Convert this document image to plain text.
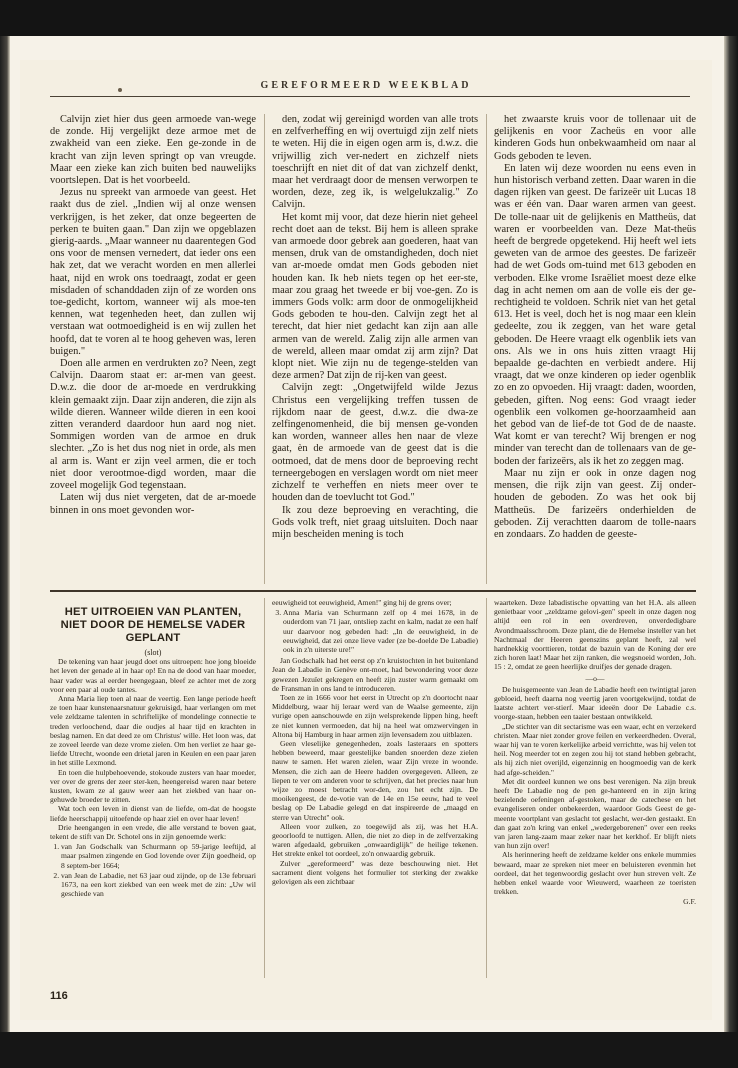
GEREFORMEERD WEEKBLAD

Calvijn ziet hier dus geen armoede van-wege de zonde. Hij vergelijkt deze armoe met de zwakheid van een zieke. Een ge-zonde in de kracht van zijn leven springt op van vreugde. Maar een zieke kan zich buiten bed nauwelijks voortslepen. Dat is het voorbeeld.

Jezus nu spreekt van armoede van geest. Het raakt dus de ziel. „Indien wij al onze wensen verkrijgen, is het zeker, dat onze begeerten de perken te buiten gaan." Dan zijn we opgeblazen gierig-aards. „Maar wanneer nu daarentegen God ons voor de mensen vernedert, dat ieder ons een hak zet, dat we veracht worden en men allerlei haat, nijd en wrok ons toedraagt, zodat er geen misdaden of schanddaden zijn of ze worden ons toe-gedicht, kortom, wanneer wij als moe-ten kennen, wat tegenheden heet, dan zullen wij verstaan wat ootmoedigheid is en wij zullen het hoofd, dat te voren al te hoog geheven was, leren buigen."

Doen alle armen en verdrukten zo? Neen, zegt Calvijn. Daarom staat er: ar-men van geest. D.w.z. die door de ar-moede en verdrukking klein gemaakt zijn. Daar zijn anderen, die zijn als wilde dieren. Wanneer wilde dieren in een kooi zitten veranderd daardoor hun aard nog niet. Sommigen worden van de armoe en druk slechter. „Zo is het dus nog niet in orde, als men al arm is. Want er zijn veel armen, die er toch niet door verootmoe-digd worden, maar die zoveel mogelijk God tegenstaan.

Laten wij dus niet vergeten, dat de ar-moede binnen in ons moet gevonden wor-

den, zodat wij gereinigd worden van alle trots en zelfverheffing en wij overtuigd zijn zelf niets te weten. Hij die in eigen ogen arm is, d.w.z. die vrijwillig zich ver-nedert en zichzelf niets toeschrijft en niet dit of dat van zichzelf denkt, maar het verdraagt door de mensen verworpen te worden, deze, zeg ik, is welgelukzalig." Zo Calvijn.

Het komt mij voor, dat deze hierin niet geheel recht doet aan de tekst. Bij hem is alleen sprake van armoede door gebrek aan goederen, haat van mensen, druk van de omstandigheden, doch niet van ar-moede omdat men Gods geboden niet houden kan. Ik heb niets tegen op het eer-ste, maar zou graag het tweede er bij voe-gen. Zo is immers Gods volk: arm door de onmogelijkheid Gods geboden te hou-den. Calvijn zegt het al terecht, dat hier niet gedacht kan zijn aan alle armen van de wereld. Zalig zijn alle armen van de wereld, alleen maar omdat zij arm zijn? Dat klopt niet. Wie zijn nu de tegenge-stelden van deze armen? Dat zijn de rij-ken van geest.

Calvijn zegt: „Ongetwijfeld wilde Jezus Christus een vergelijking treffen tussen de rijkdom naar de geest, d.w.z. die dwa-ze zelfingenomenheid, die bij mensen ge-vonden kan worden, wanneer alles hen naar de vleze gaat, èn de armoede van de geest dat is die ootmoed, dat de mens door de beproeving recht terneergebogen en verslagen wordt om niet meer zichzelf te verheffen en niets meer over te houden dan de toevlucht tot God."

Ik zou deze beproeving en verachting, die Gods volk treft, niet graag uitsluiten. Doch naar mijn bescheiden mening is toch

het zwaarste kruis voor de tollenaar uit de gelijkenis en voor Zacheüs en voor alle kinderen Gods hun onbekwaamheid om naar al Gods geboden te leven.

En laten wij deze woorden nu eens even in hun historisch verband zetten. Daar waren in die dagen rijken van geest. De farizeër uit Lucas 18 was er één van. Daar waren armen van geest. De tolle-naar uit de gelijkenis en Mattheüs, dat waren er voorbeelden van. Deze Mat-theüs heeft de bergrede opgetekend. Hij heeft wel iets geweten van de armoe des geestes. De farizeër had de wet Gods om-tuind met 613 geboden en verboden. Elke vrome Israëliet moest deze elke dag in acht nemen om aan de volle eis der ge-rechtigheid te voldoen. Schrik niet van het getal 613. Het is veel, doch het is nog maar een klein gedeelte, zou ik zeggen, van het ware getal geboden. De Heere vraagt elk ogenblik iets van ons. Als we in ons huis zitten vraagt Hij bepaalde ge-dachten en verbiedt andere. Hij vraagt, dat we onze kinderen op ieder ogenblik zo en zo opvoeden. Hij vraagt: daden, woorden, gebeden, giften. Nog eens: God vraagt ieder ogenblik een volkomen ge-hoorzaamheid aan het gebod van de lief-de tot God de de naaste. Wat komt er van terecht? Wij brengen er nog minder van terecht dan de tollenaars van de ge-boden der farizeërs, als ik het zo zeggen mag.

Maar nu zijn er ook in onze dagen nog mensen, die rijk zijn van geest. Zij onder-houden de geboden. Zo was het ook bij Mattheüs. De farizeërs onderhielden de geboden. Zij verachtten daarom de tolle-naars en zondaars. Zo hadden de geeste-

HET UITROEIEN VAN PLANTEN, NIET DOOR DE HEMELSE VADER GEPLANT

(slot)

De tekening van haar jeugd doet ons uitroepen: hoe jong bloeide het leven der genade al in haar op! En na de dood van haar moeder, haar vader was al eerder heengegaan, bleef ze achter met de zorg voor een paar al oude tantes.

Anna Maria liep toen al naar de veertig. Een lange periode heeft ze toen haar kunstenaarsnatuur gekruisigd, haar verlangen om met vele zeldzame talenten in schriftelijke of mondelinge connectie te treden verloochend, daar die oudjes al haar tijd en krachten in beslag namen. En dat deed ze om Christus' wille. Het loon was, dat ze zoveel leerde van deze vrome zielen. Om hen verliet ze haar ge-liefde Utrecht, woonde een drietal jaren in Keulen en een paar jaren in het stille Lexmond.

En toen die hulpbehoevende, stokoude zusters van haar moeder, ver over de grens der zeer ster-ken, heengereisd waren naar betere kusten, kwam ze al gauw weer aan het ziekbed van haar on-gehuwde broeder te zitten.

Wat toch een leven in dienst van de liefde, om-dat de hoogste liefde heerschappij uitoefende op haar ziel en over haar leven!

Drie heengangen in een vrede, die alle verstand te boven gaat, tekent de stift van Dr. Schotel ons in zijn genoemde werk:

1. van Jan Godschalk van Schurmann op 59-jarige leeftijd, al maar psalmen zingende en God lovende over Zijn goedheid, op 8 septem-ber 1664;
2. van Jean de Labadie, net 63 jaar oud zijnde, op de 13e februari 1673, na een kort ziekbed van een week met de zin: „Uw wil geschiede van

eeuwigheid tot eeuwigheid, Amen!" ging hij de grens over;

3. Anna Maria van Schurmann zelf op 4 mei 1678, in de ouderdom van 71 jaar, ontsliep zacht en kalm, nadat ze een half uur daarvoor nog gebeden had: „In de eeuwigheid, in de eeuwigheid, dat zei onze lieve vader (ze be-doelde De Labadie) ook in z'n uiterste ure!"

Jan Godschalk had het eerst op z'n kruistochten in het buitenland Jean de Labadie in Genève ont-moet, had bewondering voor deze gewezen Jezuïet gekregen en heeft zijn zuster warm gemaakt om de Fransman in ons land te introduceren.

Toen ze in 1666 voor het eerst in Utrecht op z'n doortocht naar Middelburg, waar hij leraar werd van de Waalse gemeente, zijn vurige open aanschouwde en zijn welsprekende lippen hing, heeft ze niet kunnen vermoeden, dat hij na heel wat omzwervingen in Altona bij Hamburg in haar armen zijn levensadem zou uitblazen.

Geen vleselijke genegenheden, zoals lasteraars en spotters hebben beweerd, maar geestelijke banden snoerden deze zielen nauw te samen. Het waren zielen, waar Zijn vreze in woonde. Mensen, die zich aan de Heere hadden overgegeven. Alleen, ze liepen te ver om anderen voor te schrijven, dat het precies naar hun wijze zo moest betracht wor-den, zou het echt zijn. De mooikengeest, de de-votie van de 14e en 15e eeuw, had te veel beslag op De Labadie gelegd en dat inspireerde de „maagd en sterre van Utrecht" ook.

Alleen voor zulken, zo toegewijd als zij, was het H.A. geoorloofd te nuttigen. Allen, die niet zo diep in de zelfverzaking waren afgedaald, gebruiken „onwaardiglijk" de heilige tekenen. Het strekte enkel tot oordeel, zo'n onwaardig gebruik.

Zulver „gereformeerd" was deze beschouwing niet. Het sacrament dient volgens het formulier tot sterking der zwakke gelovigen als een zichtbaar

waarteken. Deze labadistische opvatting van het H.A. als alleen genietbaar voor „zeldzame gelovi-gen" speelt in onze dagen nog altijd een rol in een overdreven, onverdedigbare Avondmaalsschroom. Deze plant, die de Hemelse insteller van het Nachtmaal der Heeren geenszins geplant heeft, zal wel hardnekkig voorttieren, totdat de bazuin van de Koning der ere zich horen laat! Maar het zijn ranken, die wegsnoeid worden, Joh. 15 : 2, omdat ze geen heerlijke druifjes der genade dragen.

—o—

De huisgemeente van Jean de Labadie heeft een twintigtal jaren gebloeid, heeft daarna nog veertig jaren voortgekwijnd, totdat de laatste achtert ver-stierf. Maar ideeën door De Labadie c.s. voorge-staan, hebben een taaier bestaan ontwikkeld.

„De stichter van dit sectarisme was een waar, echt en verzekerd christen. Maar niet zonder grove feilen en verkeerdheden. Overal, waar hij van te voren kerkelijke arbeid verrichtte, was hij velen tot heil. Nog meerder tot en zegen zou hij tot stand hebben gebracht, als hij zich niet overijld, eigenzinnig en hoogmoedig van de kerk had afge-scheiden."

Met dit oordeel kunnen we ons best verenigen. Na zijn breuk heeft De Labadie nog de pen ge-hanteerd en in zijn kring bezielende oefeningen af-gestoken, maar de catechese en het evangeliseren onder onbekeerden, waardoor Gods Geest de ge-meente voortplant van geslacht tot geslacht, wer-den gestaakt. En dan gaat zo'n kring van enkel „wedergeborenen" over een reeks van jaren lang-zaam maar zeker naar het kerkhof. Er blijft niets van hun zijn over!

Als herinnering heeft de zeldzame kelder ons enkele mummies bewaard, maar ze spreken niet meer en beluisteren evenmin het oordeel, dat het tegenwoordig geslacht over hun streven velt. Ze hebben enkel waarde voor Wieuwerd, waarheen ze toeristen trekken.

G.F.

116
